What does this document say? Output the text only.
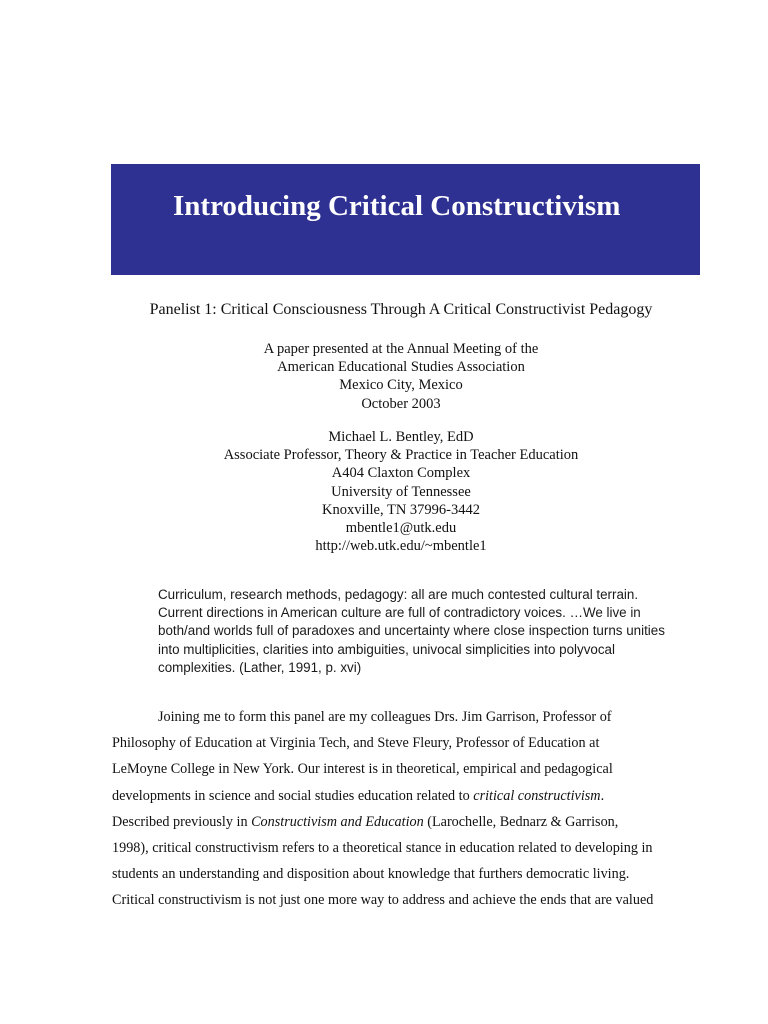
Introducing Critical Constructivism
Panelist 1: Critical Consciousness Through A Critical Constructivist Pedagogy
A paper presented at the Annual Meeting of the
American Educational Studies Association
Mexico City, Mexico
October 2003
Michael L. Bentley, EdD
Associate Professor, Theory & Practice in Teacher Education
A404 Claxton Complex
University of Tennessee
Knoxville, TN 37996-3442
mbentle1@utk.edu
http://web.utk.edu/~mbentle1
Curriculum, research methods, pedagogy: all are much contested cultural terrain.
Current directions in American culture are full of contradictory voices. …We live in
both/and worlds full of paradoxes and uncertainty where close inspection turns unities
into multiplicities, clarities into ambiguities, univocal simplicities into polyvocal
complexities. (Lather, 1991, p. xvi)
Joining me to form this panel are my colleagues Drs. Jim Garrison, Professor of
Philosophy of Education at Virginia Tech, and Steve Fleury, Professor of Education at
LeMoyne College in New York. Our interest is in theoretical, empirical and pedagogical
developments in science and social studies education related to critical constructivism.
Described previously in Constructivism and Education (Larochelle, Bednarz & Garrison,
1998), critical constructivism refers to a theoretical stance in education related to developing in
students an understanding and disposition about knowledge that furthers democratic living.
Critical constructivism is not just one more way to address and achieve the ends that are valued
